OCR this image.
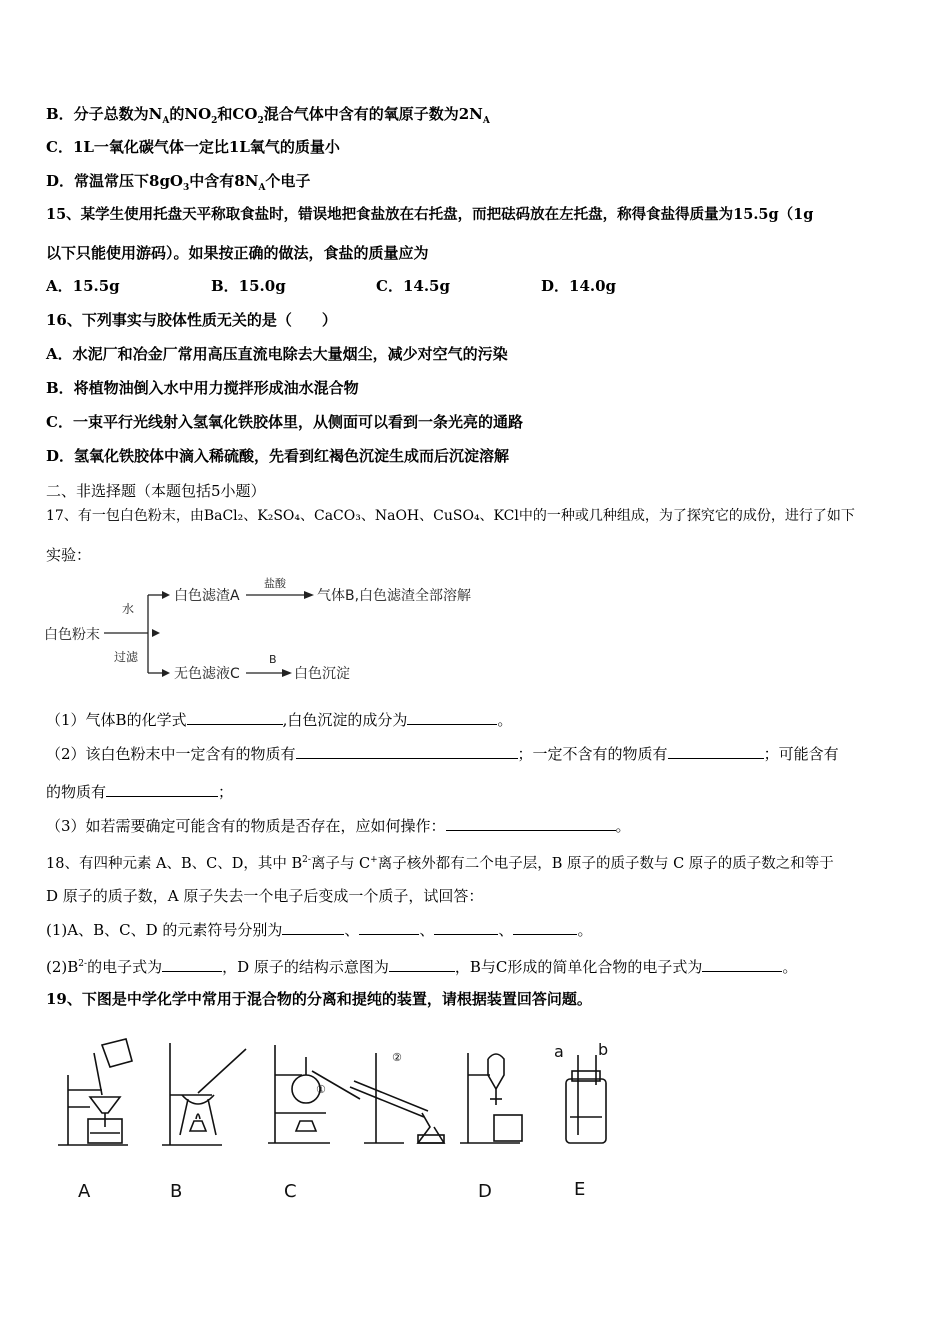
B．分子总数为$N_A$的$NO_2$和$CO_2$混合气体中含有的氧原子数为$2N_A$
C．1L一氧化碳气体一定比1L氧气的质量小
D．常温常压下$8gO_3$中含有$8N_A$个电子
15、某学生使用托盘天平称取食盐时，错误地把食盐放在右托盘，而把砝码放在左托盘，称得食盐得质量为15.5g（1g
以下只能使用游码）。如果按正确的做法，食盐的质量应为
A．15.5g	B．15.0g	C．14.5g	D．14.0g
16、下列事实与胶体性质无关的是（　　）
A．水泥厂和冶金厂常用高压直流电除去大量烟尘，减少对空气的污染
B．将植物油倒入水中用力搅拌形成油水混合物
C．一束平行光线射入氢氧化铁胶体里，从侧面可以看到一条光亮的通路
D．氢氧化铁胶体中滴入稀硫酸，先看到红褐色沉淀生成而后沉淀溶解
二、非选择题（本题包括5小题）
17、有一包白色粉末，由BaCl₂、K₂SO₄、CaCO₃、NaOH、CuSO₄、KCl中的一种或几种组成，为了探究它的成份，进行了如下
实验：
白色粉末
水
过滤
白色滤渣A
盐酸
气体B,白色滤渣全部溶解
无色滤液C
B
白色沉淀
（1）气体B的化学式	,白色沉淀的成分为	。
（2）该白色粉末中一定含有的物质有	；一定不含有的物质有	；可能含有
的物质有	；
（3）如若需要确定可能含有的物质是否存在，应如何操作：	。
18、有四种元素 A、B、C、D，其中 $B^{2-}$离子与 C+离子核外都有二个电子层，B 原子的质子数与 C 原子的质子数之和等于
D 原子的质子数，A 原子失去一个电子后变成一个质子，试回答：
(1)A、B、C、D 的元素符号分别为	、	、	、	。
$(2)B^{2-}$的电子式为	，D 原子的结构示意图为	，B与C形成的简单化合物的电子式为	。
19、下图是中学化学中常用于混合物的分离和提纯的装置，请根据装置回答问题。
①
②	a b
A	B	C	D	E
